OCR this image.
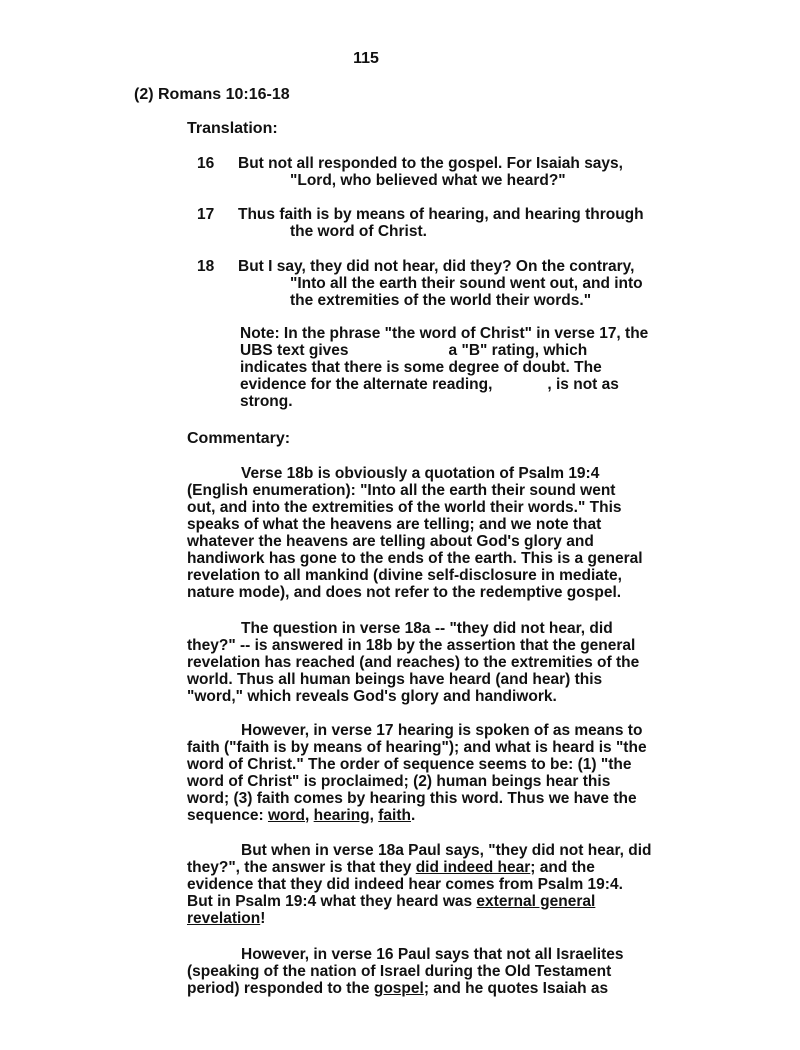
115
(2) Romans 10:16-18
Translation:
16	But not all responded to the gospel. For Isaiah says,
"Lord, who believed what we heard?"
17	Thus faith is by means of hearing, and hearing through
the word of Christ.
18	But I say, they did not hear, did they? On the contrary,
"Into all the earth their sound went out, and into
the extremities of the world their words."
Note: In the phrase "the word of Christ" in verse 17, the
UBS text gives	a "B" rating, which
indicates that there is some degree of doubt. The
evidence for the alternate reading,	, is not as
strong.
Commentary:
Verse 18b is obviously a quotation of Psalm 19:4
(English enumeration): "Into all the earth their sound went
out, and into the extremities of the world their words." This
speaks of what the heavens are telling; and we note that
whatever the heavens are telling about God's glory and
handiwork has gone to the ends of the earth. This is a general
revelation to all mankind (divine self-disclosure in mediate,
nature mode), and does not refer to the redemptive gospel.
The question in verse 18a -- "they did not hear, did
they?" -- is answered in 18b by the assertion that the general
revelation has reached (and reaches) to the extremities of the
world. Thus all human beings have heard (and hear) this
"word," which reveals God's glory and handiwork.
However, in verse 17 hearing is spoken of as means to
faith ("faith is by means of hearing"); and what is heard is "the
word of Christ." The order of sequence seems to be: (1) "the
word of Christ" is proclaimed; (2) human beings hear this
word; (3) faith comes by hearing this word. Thus we have the
sequence: word, hearing, faith.
But when in verse 18a Paul says, "they did not hear, did
they?", the answer is that they did indeed hear; and the
evidence that they did indeed hear comes from Psalm 19:4.
But in Psalm 19:4 what they heard was external general
revelation!
However, in verse 16 Paul says that not all Israelites
(speaking of the nation of Israel during the Old Testament
period) responded to the gospel; and he quotes Isaiah as
